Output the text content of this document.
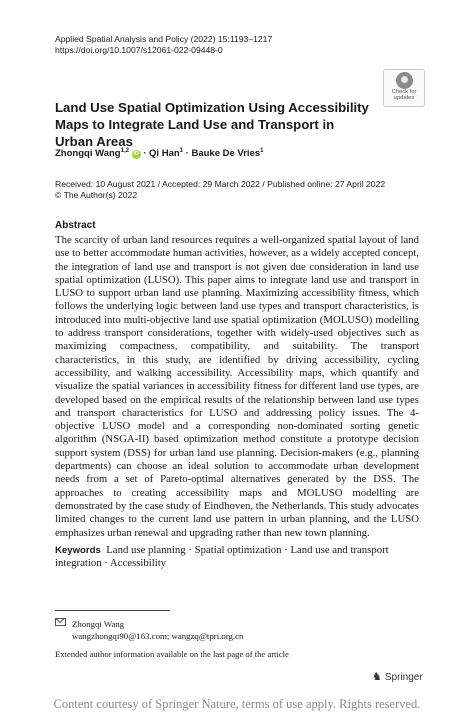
Applied Spatial Analysis and Policy (2022) 15:1193–1217
https://doi.org/10.1007/s12061-022-09448-0
Check for
updates
Land Use Spatial Optimization Using Accessibility Maps to Integrate Land Use and Transport in Urban Areas
Zhongqi Wang$^{1,2}$ iD · Qi Han$^1$ · Bauke De Vries$^1$
Received: 10 August 2021 / Accepted: 29 March 2022 / Published online: 27 April 2022
© The Author(s) 2022
Abstract

The scarcity of urban land resources requires a well-organized spatial layout of land use to better accommodate human activities, however, as a widely accepted concept, the integration of land use and transport is not given due consideration in land use spatial optimization (LUSO). This paper aims to integrate land use and transport in LUSO to support urban land use planning. Maximizing accessibility fitness, which follows the underlying logic between land use types and transport characteristics, is introduced into multi-objective land use spatial optimization (MOLUSO) modelling to address transport considerations, together with widely-used objectives such as maximizing compactness, compatibility, and suitability. The transport characteristics, in this study, are identified by driving accessibility, cycling accessibility, and walking accessibility. Accessibility maps, which quantify and visualize the spatial variances in accessibility fitness for different land use types, are developed based on the empirical results of the relationship between land use types and transport characteristics for LUSO and addressing policy issues. The 4-objective LUSO model and a corresponding non-dominated sorting genetic algorithm (NSGA-II) based optimization method constitute a prototype decision support system (DSS) for urban land use planning. Decision-makers (e.g., planning departments) can choose an ideal solution to accommodate urban development needs from a set of Pareto-optimal alternatives generated by the DSS. The approaches to creating accessibility maps and MOLUSO modelling are demonstrated by the case study of Eindhoven, the Netherlands. This study advocates limited changes to the current land use pattern in urban planning, and the LUSO emphasizes urban renewal and upgrading rather than new town planning.

Keywords Land use planning · Spatial optimization · Land use and transport integration · Accessibility

Zhongqi Wang
wangzhongqi90@163.com; wangzq@tpri.org.cn
Extended author information available on the last page of the article
♞ Springer
Content courtesy of Springer Nature, terms of use apply. Rights reserved.
